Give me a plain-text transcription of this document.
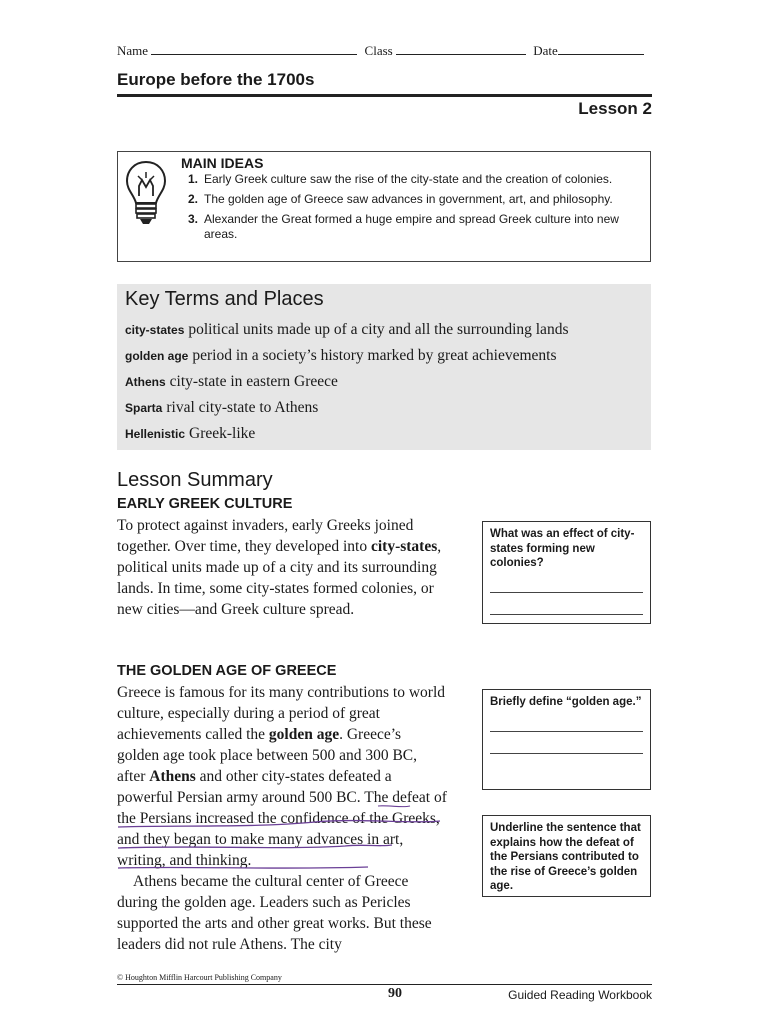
Name	Class	Date
Europe before the 1700s
Lesson 2
MAIN IDEAS
1. Early Greek culture saw the rise of the city-state and the creation of colonies.
2. The golden age of Greece saw advances in government, art, and philosophy.
3. Alexander the Great formed a huge empire and spread Greek culture into new areas.
Key Terms and Places
city-states political units made up of a city and all the surrounding lands
golden age period in a society’s history marked by great achievements
Athens city-state in eastern Greece
Sparta rival city-state to Athens
Hellenistic Greek-like
Lesson Summary
EARLY GREEK CULTURE

To protect against invaders, early Greeks joined together. Over time, they developed into city-states, political units made up of a city and its surrounding lands. In time, some city-states formed colonies, or new cities—and Greek culture spread.

THE GOLDEN AGE OF GREECE

Greece is famous for its many contributions to world culture, especially during a period of great achievements called the golden age. Greece’s golden age took place between 500 and 300 BC, after Athens and other city-states defeated a powerful Persian army around 500 BC. The defeat of the Persians increased the confidence of the Greeks, and they began to make many advances in art, writing, and thinking.

Athens became the cultural center of Greece during the golden age. Leaders such as Pericles supported the arts and other great works. But these leaders did not rule Athens. The city

What was an effect of city-states forming new colonies?
Briefly define “golden age.”
Underline the sentence that explains how the defeat of the Persians contributed to the rise of Greece’s golden age.
© Houghton Mifflin Harcourt Publishing Company
90	Guided Reading Workbook
